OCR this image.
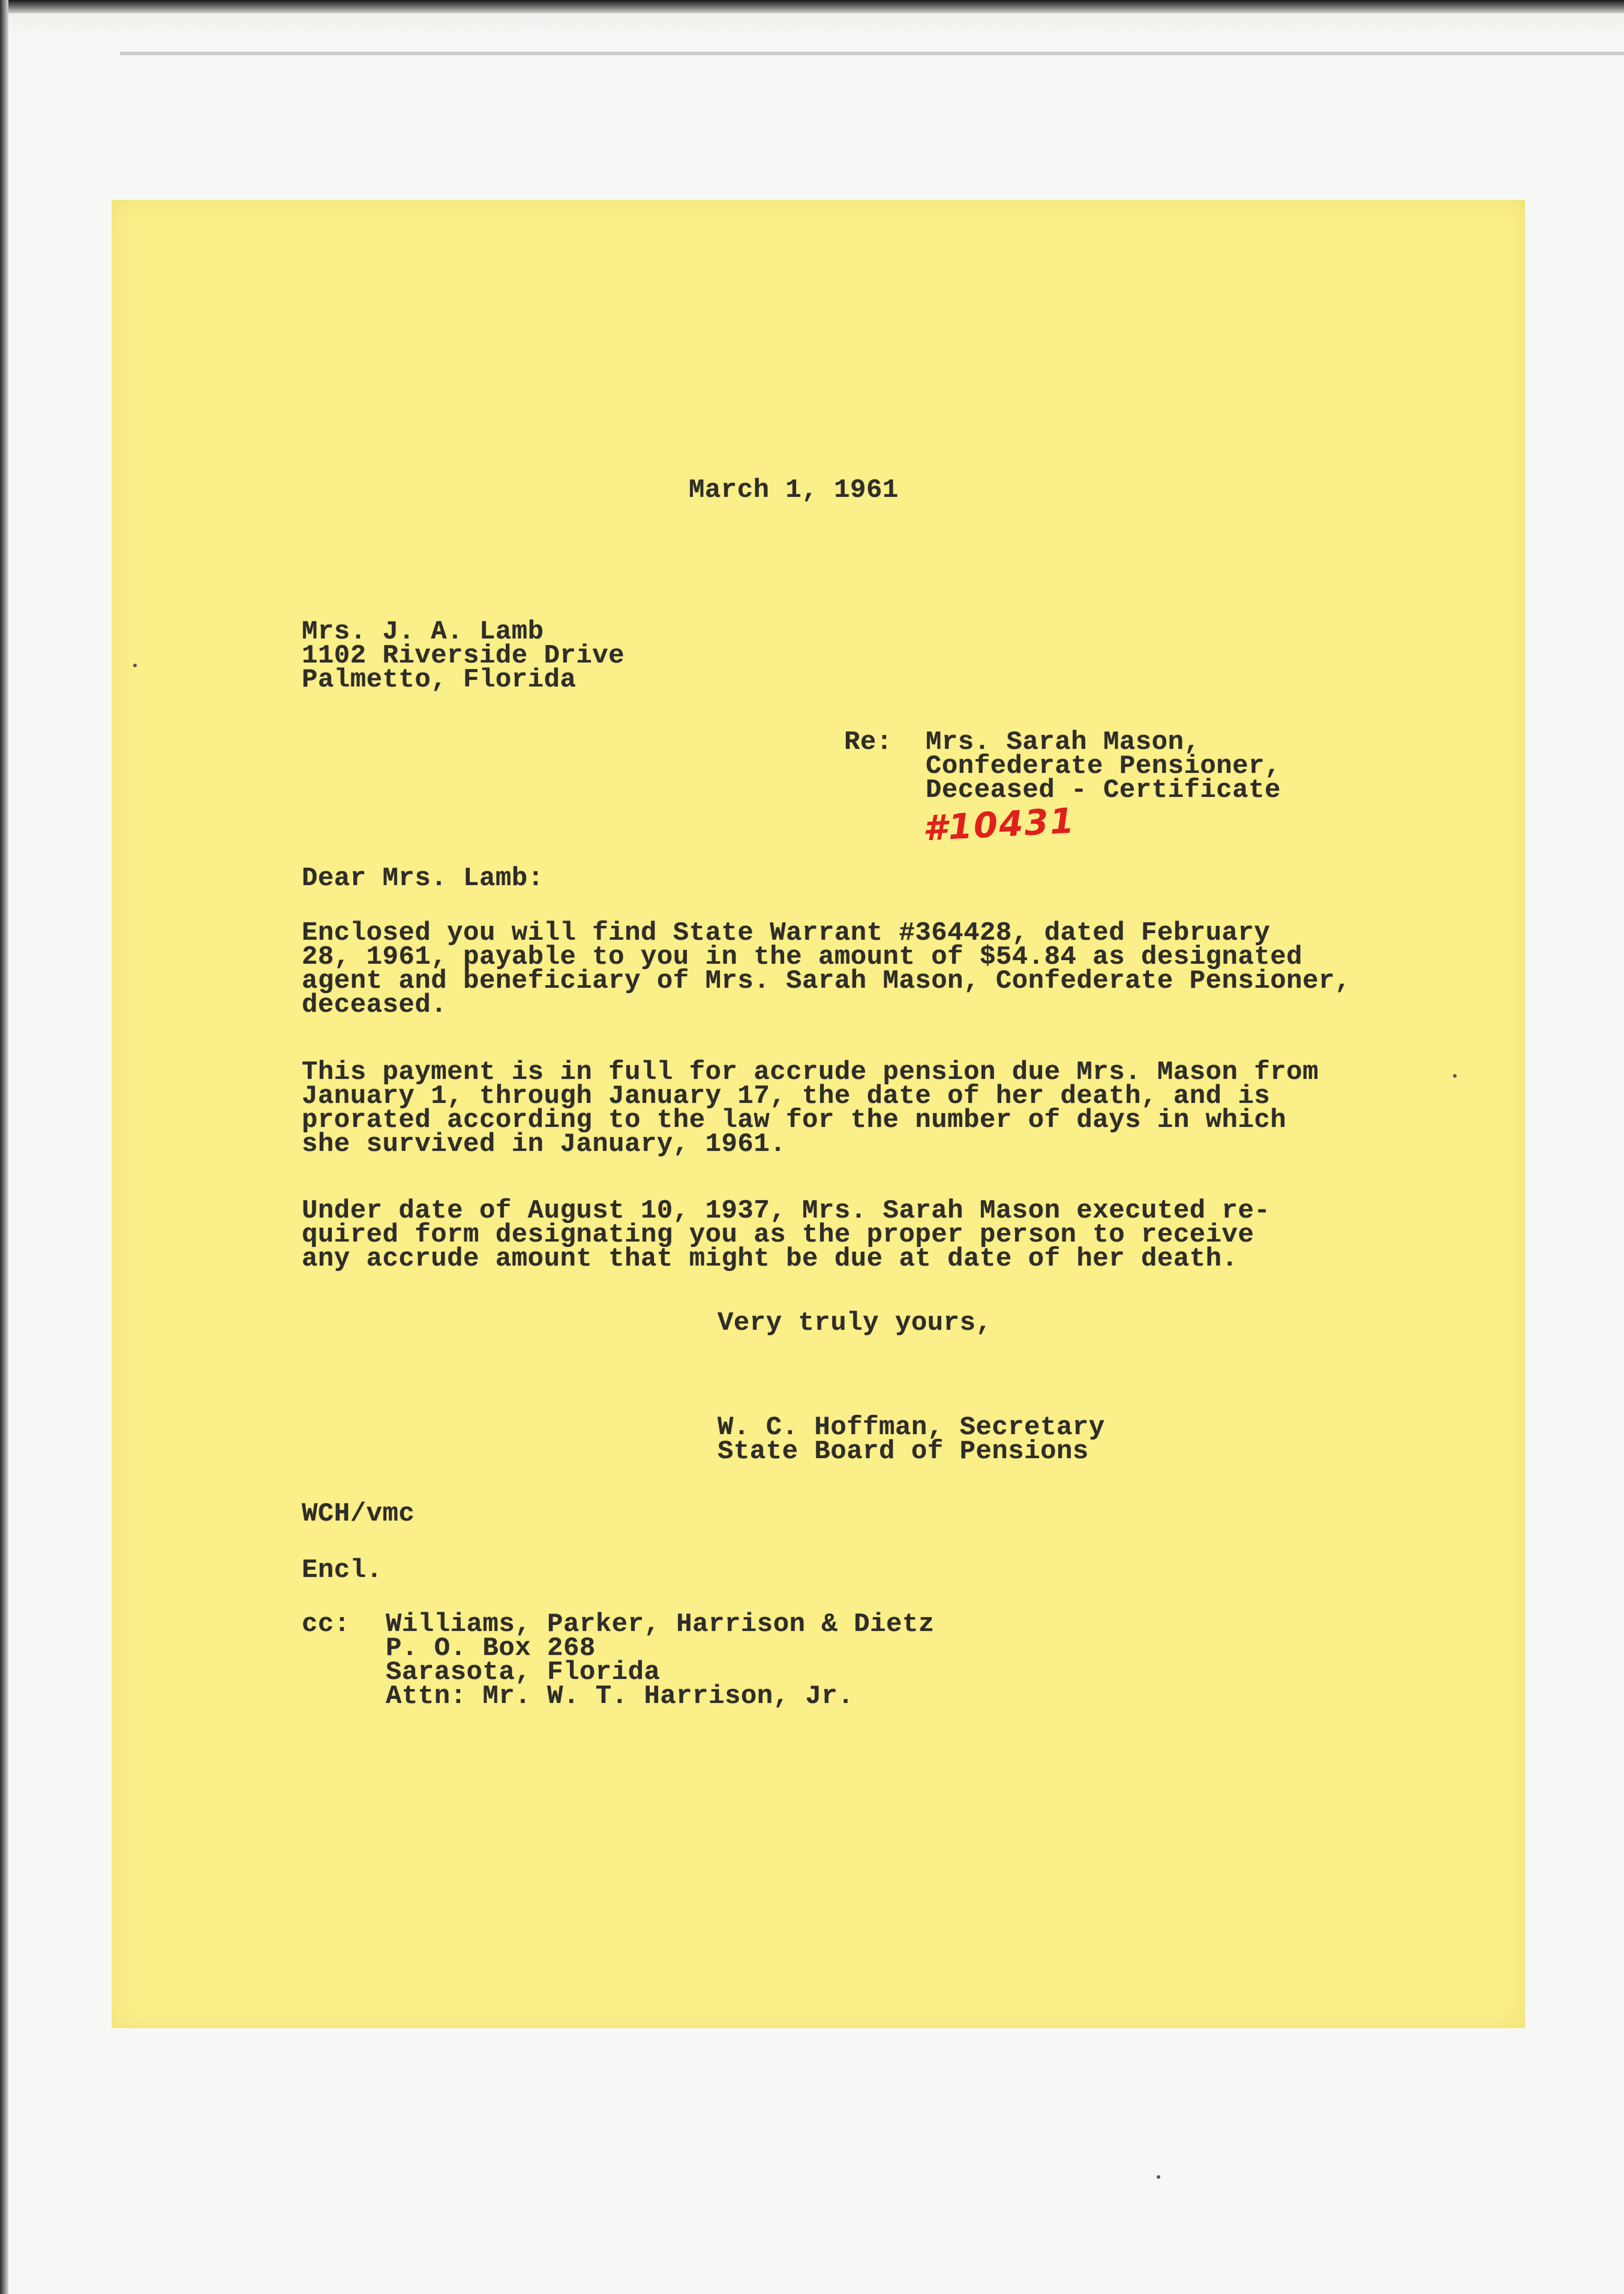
March 1, 1961
Mrs. J. A. Lamb
1102 Riverside Drive
Palmetto, Florida
Re: Mrs. Sarah Mason,
Confederate Pensioner,
Deceased - Certificate
#10431
Dear Mrs. Lamb:
Enclosed you will find State Warrant #364428, dated February
28, 1961, payable to you in the amount of $54.84 as designated
agent and beneficiary of Mrs. Sarah Mason, Confederate Pensioner,
deceased.
This payment is in full for accrude pension due Mrs. Mason from
January 1, through January 17, the date of her death, and is
prorated according to the law for the number of days in which
she survived in January, 1961.
Under date of August 10, 1937, Mrs. Sarah Mason executed re-
quired form designating you as the proper person to receive
any accrude amount that might be due at date of her death.
Very truly yours,
W. C. Hoffman, Secretary
State Board of Pensions
WCH/vmc
Encl.
cc: Williams, Parker, Harrison & Dietz
P. O. Box 268
Sarasota, Florida
Attn: Mr. W. T. Harrison, Jr.
